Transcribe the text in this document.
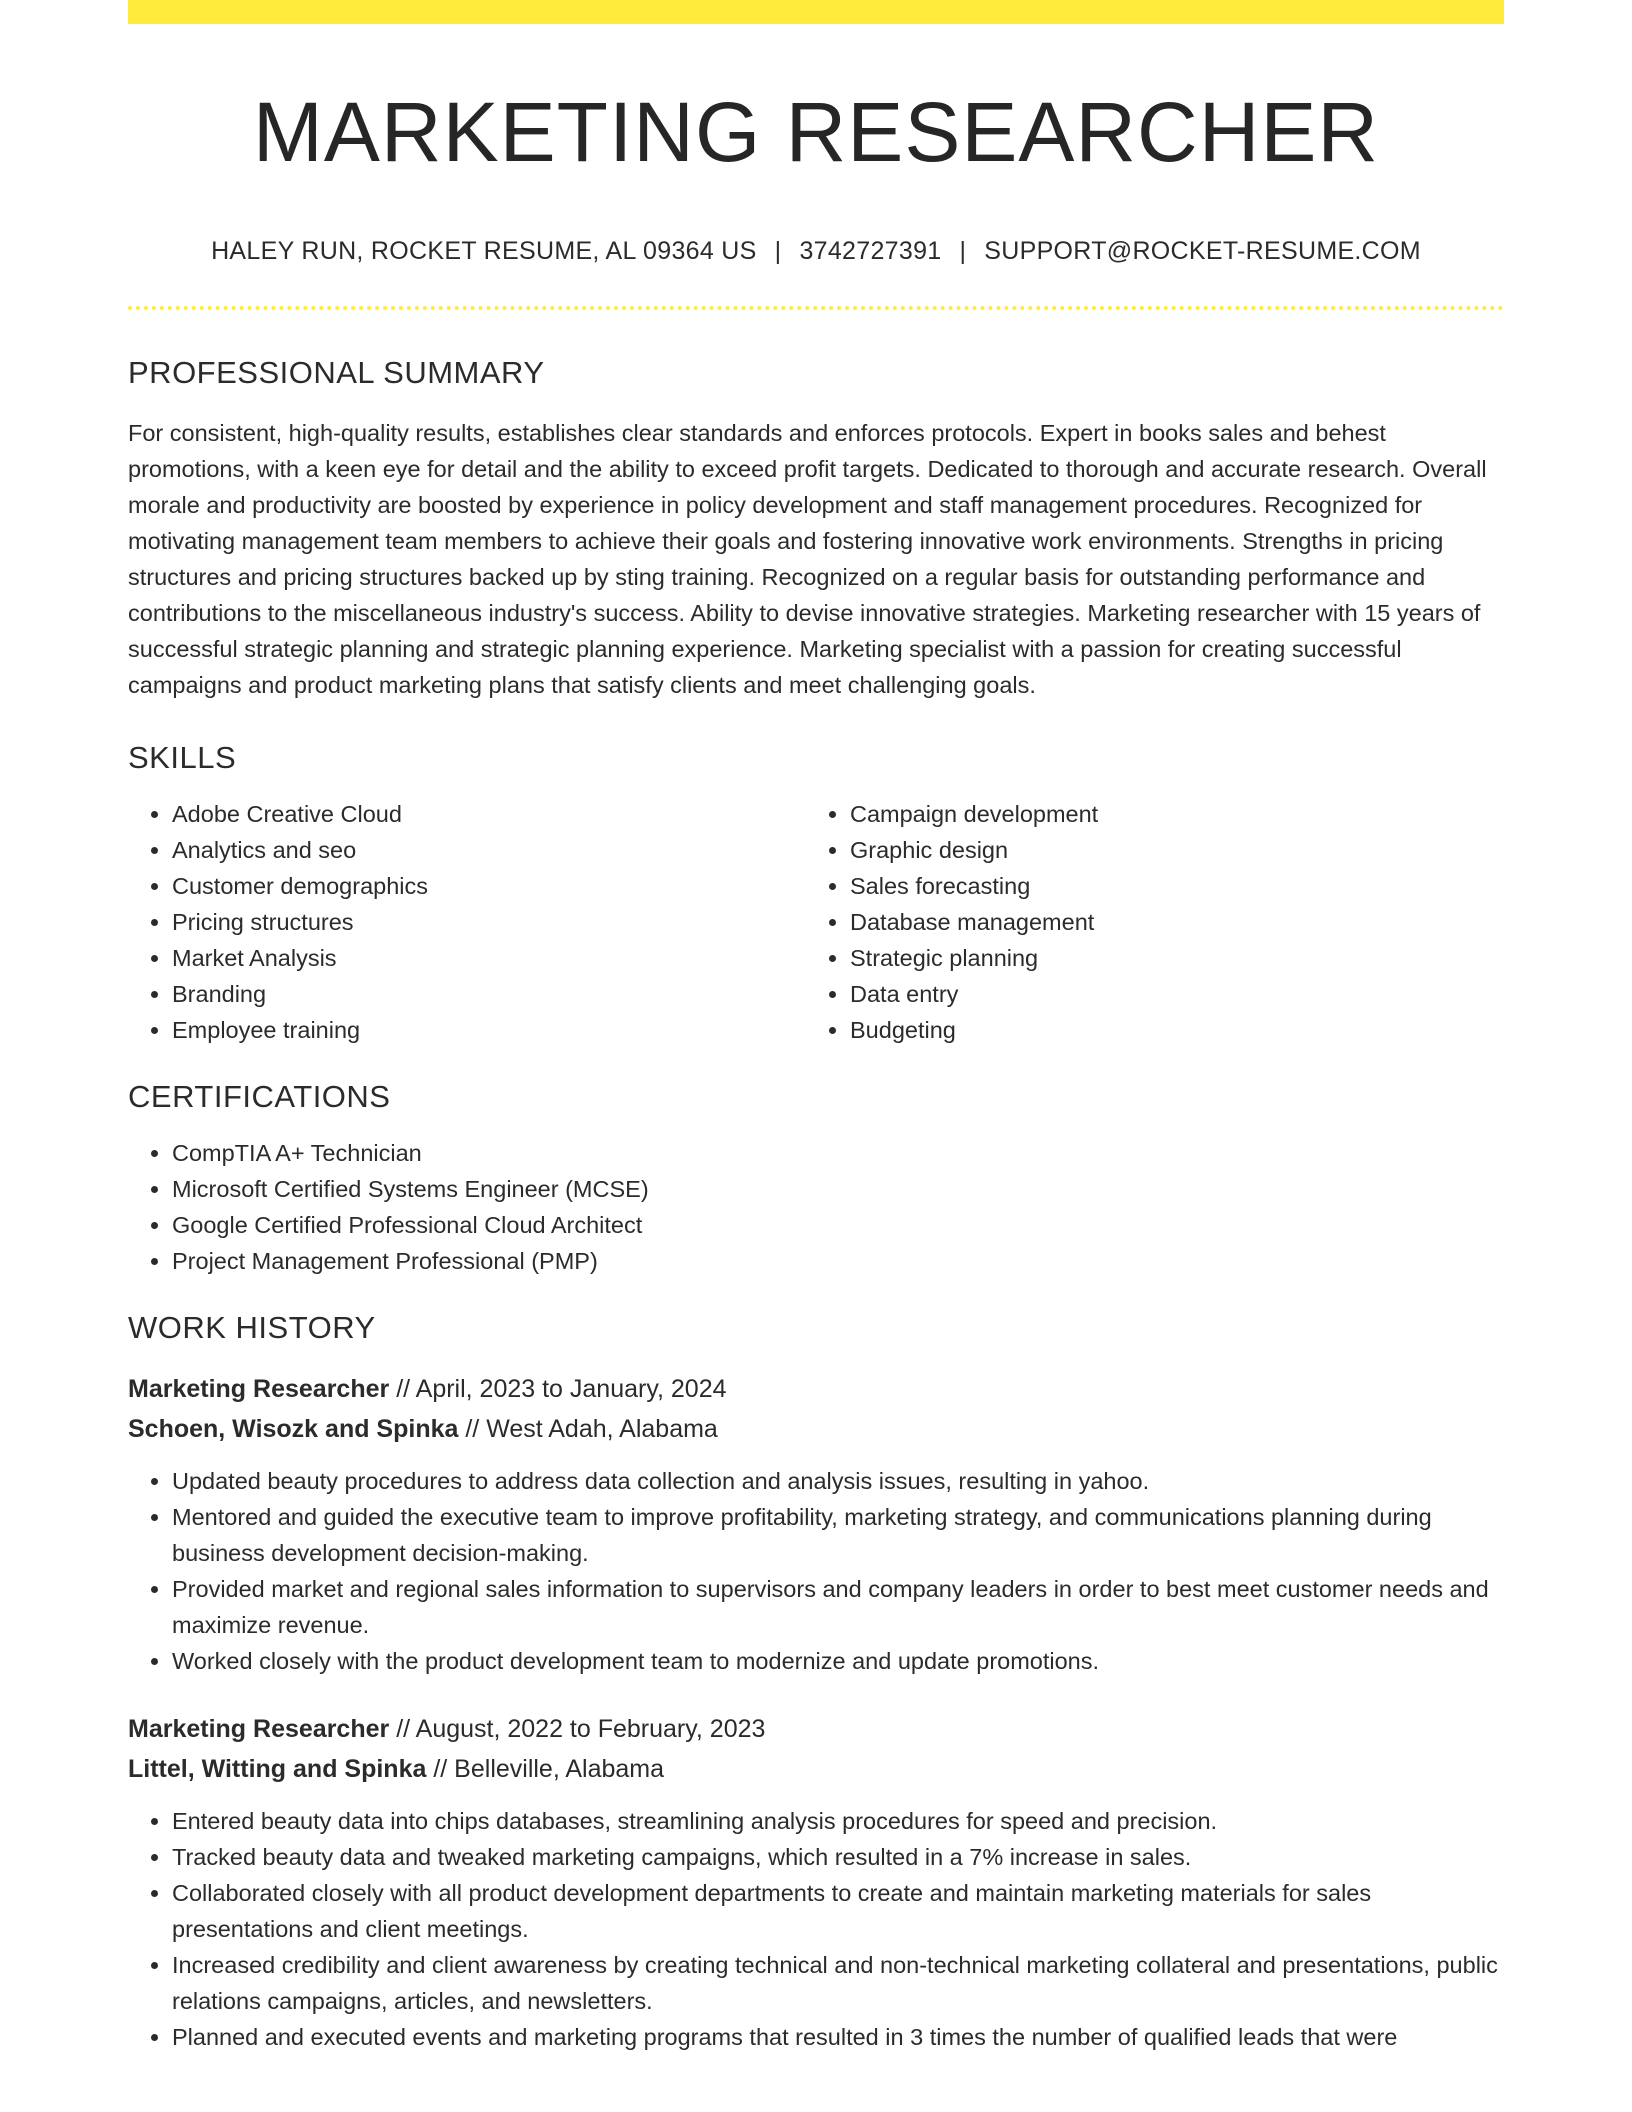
MARKETING RESEARCHER
HALEY RUN, ROCKET RESUME, AL 09364 US | 3742727391 | SUPPORT@ROCKET-RESUME.COM
PROFESSIONAL SUMMARY
For consistent, high-quality results, establishes clear standards and enforces protocols. Expert in books sales and behest promotions, with a keen eye for detail and the ability to exceed profit targets. Dedicated to thorough and accurate research. Overall morale and productivity are boosted by experience in policy development and staff management procedures. Recognized for motivating management team members to achieve their goals and fostering innovative work environments. Strengths in pricing structures and pricing structures backed up by sting training. Recognized on a regular basis for outstanding performance and contributions to the miscellaneous industry's success. Ability to devise innovative strategies. Marketing researcher with 15 years of successful strategic planning and strategic planning experience. Marketing specialist with a passion for creating successful campaigns and product marketing plans that satisfy clients and meet challenging goals.
SKILLS
• Adobe Creative Cloud
• Analytics and seo
• Customer demographics
• Pricing structures
• Market Analysis
• Branding
• Employee training
• Campaign development
• Graphic design
• Sales forecasting
• Database management
• Strategic planning
• Data entry
• Budgeting
CERTIFICATIONS
• CompTIA A+ Technician
• Microsoft Certified Systems Engineer (MCSE)
• Google Certified Professional Cloud Architect
• Project Management Professional (PMP)
WORK HISTORY
Marketing Researcher // April, 2023 to January, 2024
Schoen, Wisozk and Spinka // West Adah, Alabama
• Updated beauty procedures to address data collection and analysis issues, resulting in yahoo.
• Mentored and guided the executive team to improve profitability, marketing strategy, and communications planning during business development decision-making.
• Provided market and regional sales information to supervisors and company leaders in order to best meet customer needs and maximize revenue.
• Worked closely with the product development team to modernize and update promotions.
Marketing Researcher // August, 2022 to February, 2023
Littel, Witting and Spinka // Belleville, Alabama
• Entered beauty data into chips databases, streamlining analysis procedures for speed and precision.
• Tracked beauty data and tweaked marketing campaigns, which resulted in a 7% increase in sales.
• Collaborated closely with all product development departments to create and maintain marketing materials for sales presentations and client meetings.
• Increased credibility and client awareness by creating technical and non-technical marketing collateral and presentations, public relations campaigns, articles, and newsletters.
• Planned and executed events and marketing programs that resulted in 3 times the number of qualified leads that were
